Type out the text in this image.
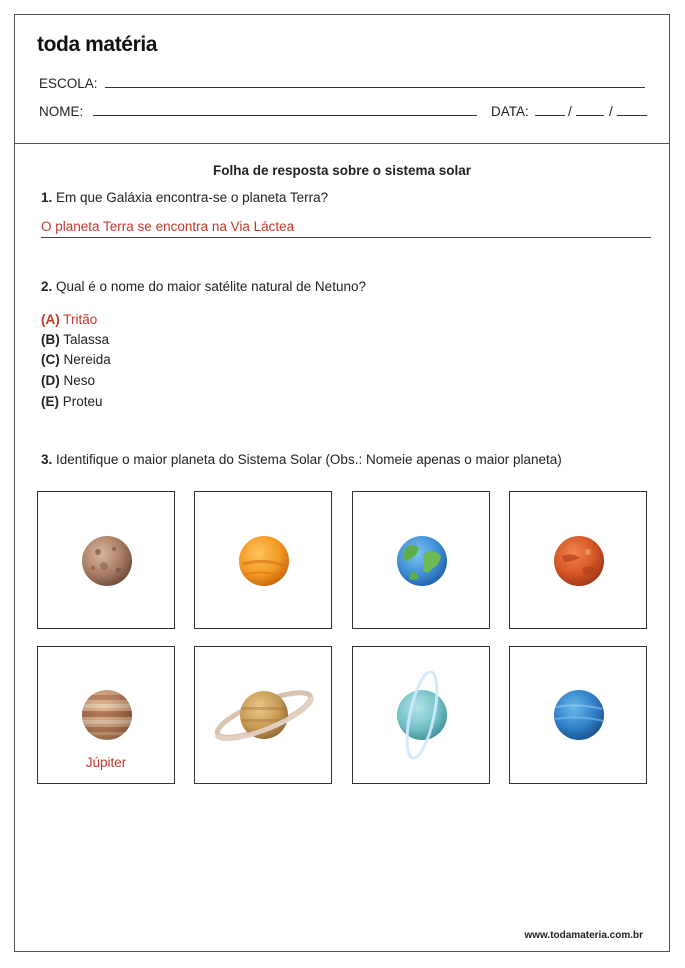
toda matéria
ESCOLA:
NOME:	DATA:	/	/
Folha de resposta sobre o sistema solar
1. Em que Galáxia encontra-se o planeta Terra?
O planeta Terra se encontra na Via Láctea
2. Qual é o nome do maior satélite natural de Netuno?
(A) Tritão
(B) Talassa
(C) Nereida
(D) Neso
(E) Proteu
3. Identifique o maior planeta do Sistema Solar (Obs.: Nomeie apenas o maior planeta)
Júpiter
www.todamateria.com.br
